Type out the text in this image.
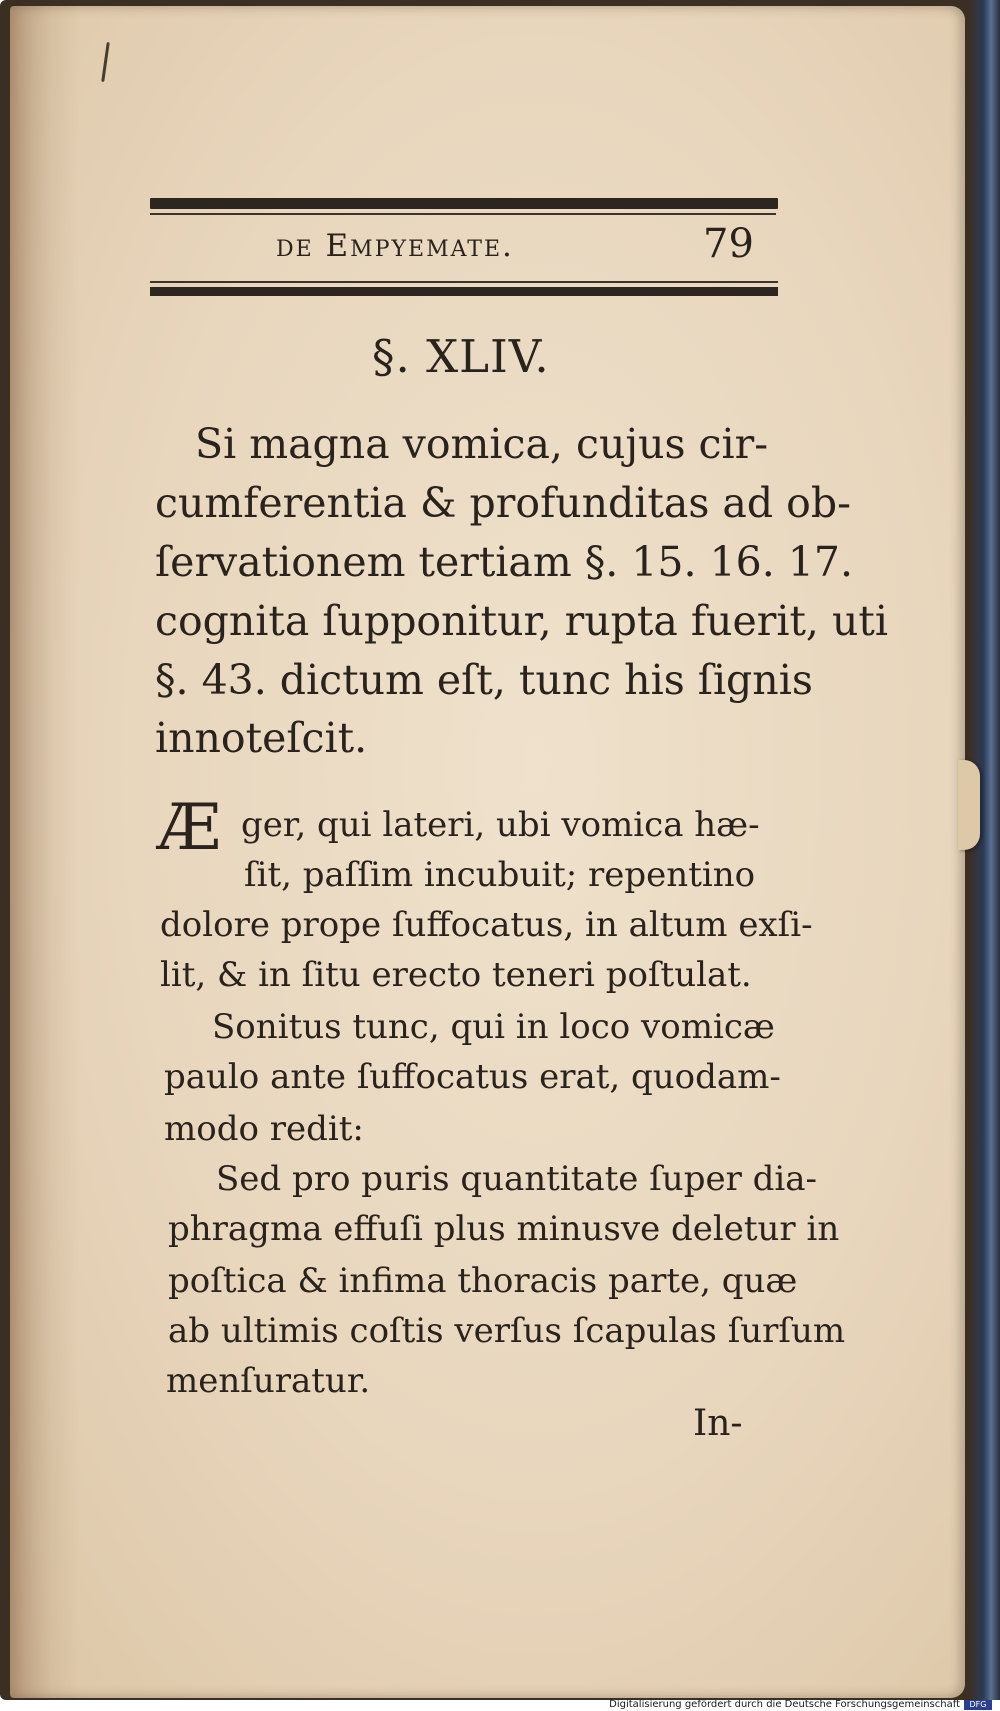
de Empyemate.	79
§. XLIV.
Si magna vomica, cujus cir-
cumferentia & profunditas ad ob-
ſervationem tertiam §. 15. 16. 17.
cognita ſupponitur, rupta fuerit, uti
§. 43. dictum eſt, tunc his ſignis
innoteſcit.
Æ ger, qui lateri, ubi vomica hæ-
ſit, paſſim incubuit; repentino
dolore prope ſuffocatus, in altum exſi-
lit, & in ſitu erecto teneri poſtulat.
Sonitus tunc, qui in loco vomicæ
paulo ante ſuffocatus erat, quodam-
modo redit:
Sed pro puris quantitate ſuper dia-
phragma effuſi plus minusve deletur in
poſtica & infima thoracis parte, quæ
ab ultimis coſtis verſus ſcapulas ſurſum
menſuratur.
In-
Digitalisierung gefördert durch die Deutsche Forschungsgemeinschaft	DFG
